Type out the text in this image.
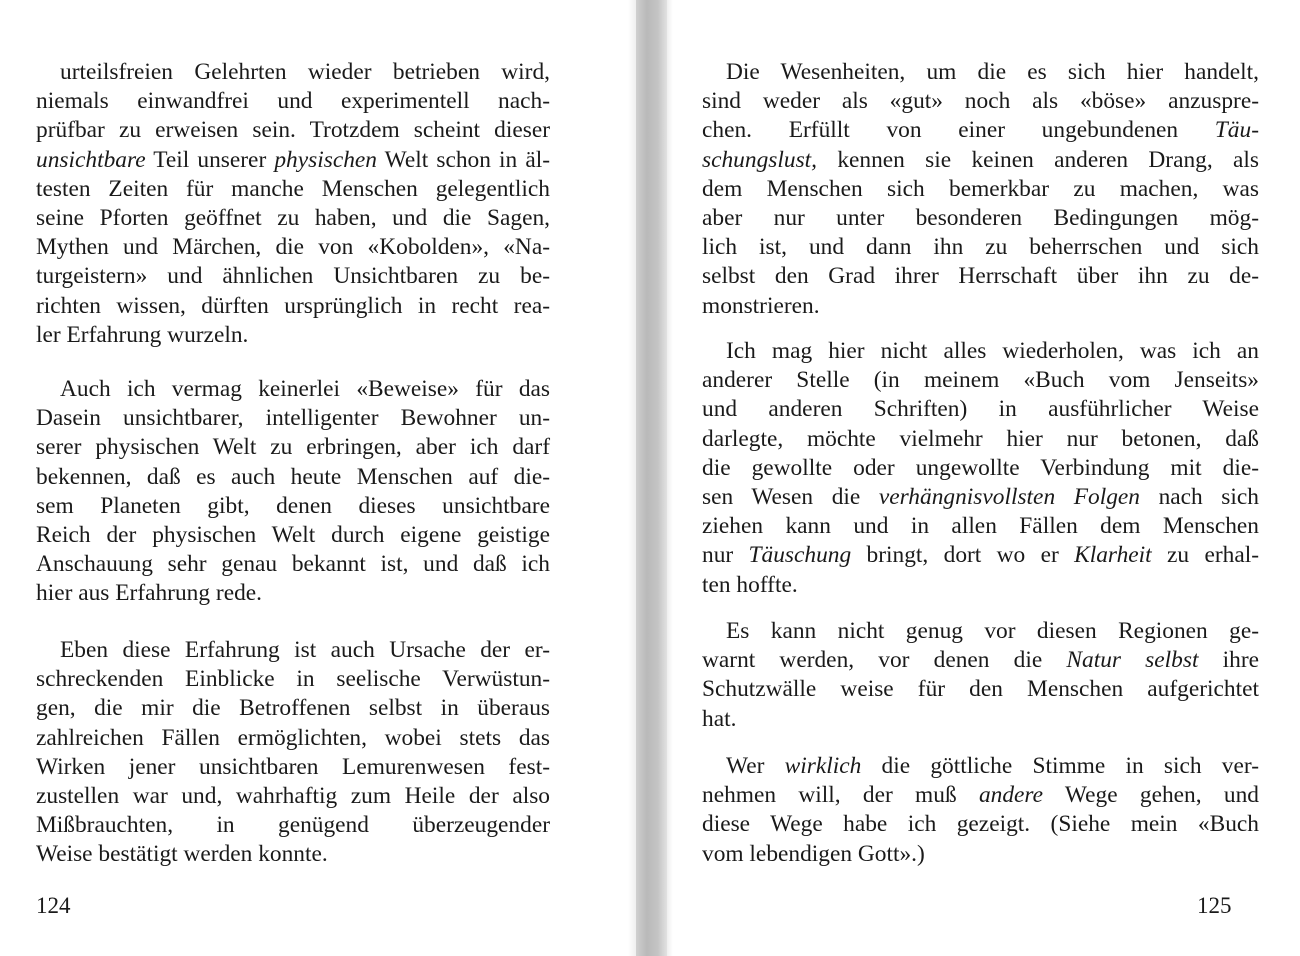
urteilsfreien Gelehrten wieder betrieben wird,
niemals einwandfrei und experimentell nach-
prüfbar zu erweisen sein. Trotzdem scheint dieser
unsichtbare Teil unserer physischen Welt schon in äl-
testen Zeiten für manche Menschen gelegentlich
seine Pforten geöffnet zu haben, und die Sagen,
Mythen und Märchen, die von «Kobolden», «Na-
turgeistern» und ähnlichen Unsichtbaren zu be-
richten wissen, dürften ursprünglich in recht rea-
ler Erfahrung wurzeln.
Auch ich vermag keinerlei «Beweise» für das
Dasein unsichtbarer, intelligenter Bewohner un-
serer physischen Welt zu erbringen, aber ich darf
bekennen, daß es auch heute Menschen auf die-
sem Planeten gibt, denen dieses unsichtbare
Reich der physischen Welt durch eigene geistige
Anschauung sehr genau bekannt ist, und daß ich
hier aus Erfahrung rede.
Eben diese Erfahrung ist auch Ursache der er-
schreckenden Einblicke in seelische Verwüstun-
gen, die mir die Betroffenen selbst in überaus
zahlreichen Fällen ermöglichten, wobei stets das
Wirken jener unsichtbaren Lemurenwesen fest-
zustellen war und, wahrhaftig zum Heile der also
Mißbrauchten, in genügend überzeugender
Weise bestätigt werden konnte.
124
Die Wesenheiten, um die es sich hier handelt,
sind weder als «gut» noch als «böse» anzuspre-
chen. Erfüllt von einer ungebundenen Täu-
schungslust, kennen sie keinen anderen Drang, als
dem Menschen sich bemerkbar zu machen, was
aber nur unter besonderen Bedingungen mög-
lich ist, und dann ihn zu beherrschen und sich
selbst den Grad ihrer Herrschaft über ihn zu de-
monstrieren.
Ich mag hier nicht alles wiederholen, was ich an
anderer Stelle (in meinem «Buch vom Jenseits»
und anderen Schriften) in ausführlicher Weise
darlegte, möchte vielmehr hier nur betonen, daß
die gewollte oder ungewollte Verbindung mit die-
sen Wesen die verhängnisvollsten Folgen nach sich
ziehen kann und in allen Fällen dem Menschen
nur Täuschung bringt, dort wo er Klarheit zu erhal-
ten hoffte.
Es kann nicht genug vor diesen Regionen ge-
warnt werden, vor denen die Natur selbst ihre
Schutzwälle weise für den Menschen aufgerichtet
hat.
Wer wirklich die göttliche Stimme in sich ver-
nehmen will, der muß andere Wege gehen, und
diese Wege habe ich gezeigt. (Siehe mein «Buch
vom lebendigen Gott».)
125
